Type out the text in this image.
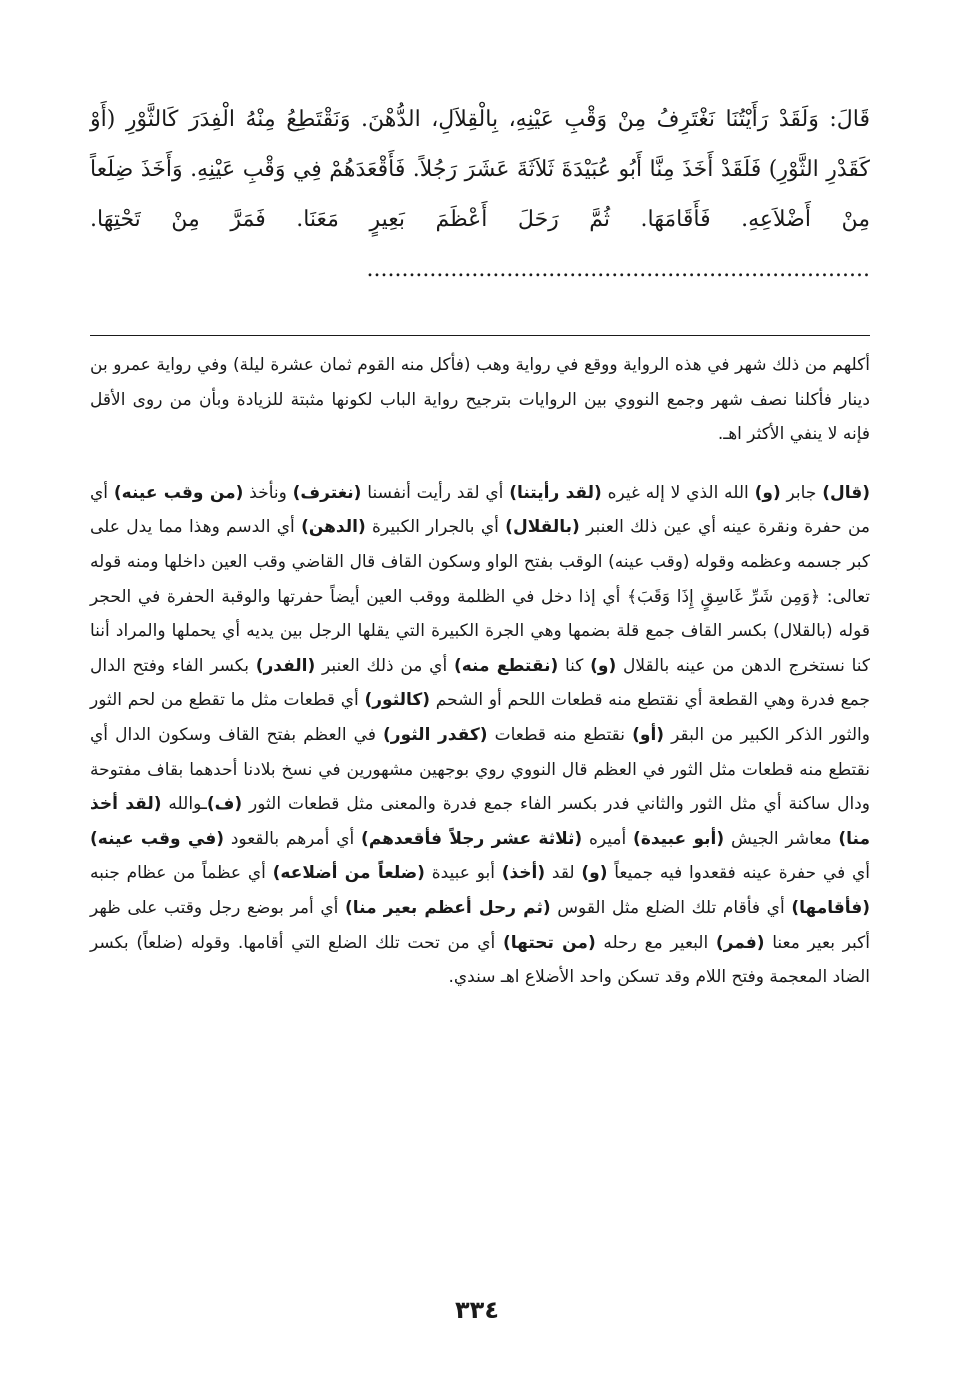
قَالَ: وَلَقَدْ رَأَيْتُنَا نَغْتَرِفُ مِنْ وَقْبِ عَيْنِهِ، بِالْقِلاَلِ، الدُّهْنَ. وَنَقْتَطِعُ مِنْهُ الْفِدَرَ كَالثَّوْرِ (أَوْ كَقَدْرِ الثَّوْرِ) فَلَقَدْ أَخَذَ مِنَّا أَبُو عُبَيْدَةَ ثَلاَثَةَ عَشَرَ رَجُلاً. فَأَقْعَدَهُمْ فِي وَقْبِ عَيْنِهِ. وَأَخَذَ ضِلَعاً مِنْ أَضْلاَعِهِ. فَأَقَامَهَا. ثُمَّ رَحَلَ أَعْظَمَ بَعِيرٍ مَعَنَا. فَمَرَّ مِنْ تَحْتِهَا. ........................................................................

أكلهم من ذلك شهر في هذه الرواية ووقع في رواية وهب (فأكل منه القوم ثمان عشرة ليلة) وفي رواية عمرو بن دينار فأكلنا نصف شهر وجمع النووي بين الروايات بترجيح رواية الباب لكونها مثبتة للزيادة وبأن من روى الأقل فإنه لا ينفي الأكثر اهـ.

(قال) جابر (و) الله الذي لا إله غيره (لقد رأيتنا) أي لقد رأيت أنفسنا (نغترف) ونأخذ (من وقب عينه) أي من حفرة ونقرة عينه أي عين ذلك العنبر (بالقلال) أي بالجرار الكبيرة (الدهن) أي الدسم وهذا مما يدل على كبر جسمه وعظمه وقوله (وقب عينه) الوقب بفتح الواو وسكون القاف قال القاضي وقب العين داخلها ومنه قوله تعالى: ﴿وَمِن شَرِّ غَاسِقٍ إِذَا وَقَبَ﴾ أي إذا دخل في الظلمة ووقب العين أيضاً حفرتها والوقبة الحفرة في الحجر قوله (بالقلال) بكسر القاف جمع قلة بضمها وهي الجرة الكبيرة التي يقلها الرجل بين يديه أي يحملها والمراد أننا كنا نستخرج الدهن من عينه بالقلال (و) كنا (نقتطع منه) أي من ذلك العنبر (الفدر) بكسر الفاء وفتح الدال جمع فدرة وهي القطعة أي نقتطع منه قطعات اللحم أو الشحم (كالثور) أي قطعات مثل ما تقطع من لحم الثور والثور الذكر الكبير من البقر (أو) نقتطع منه قطعات (كقدر الثور) في العظم بفتح القاف وسكون الدال أي نقتطع منه قطعات مثل الثور في العظم قال النووي روي بوجهين مشهورين في نسخ بلادنا أحدهما بقاف مفتوحة ودال ساكنة أي مثل الثور والثاني فدر بكسر الفاء جمع فدرة والمعنى مثل قطعات الثور (ف)ـوالله (لقد أخذ منا) معاشر الجيش (أبو عبيدة) أميره (ثلاثة عشر رجلاً فأقعدهم) أي أمرهم بالقعود (في وقب عينه) أي في حفرة عينه فقعدوا فيه جميعاً (و) لقد (أخذ) أبو عبيدة (ضلعاً من أضلاعه) أي عظماً من عظام جنبه (فأقامها) أي فأقام تلك الضلع مثل القوس (ثم رحل أعظم بعير منا) أي أمر بوضع رجل وقتب على ظهر أكبر بعير معنا (فمر) البعير مع رحله (من تحتها) أي من تحت تلك الضلع التي أقامها. وقوله (ضلعاً) بكسر الضاد المعجمة وفتح اللام وقد تسكن واحد الأضلاع اهـ سندي.

٣٣٤
